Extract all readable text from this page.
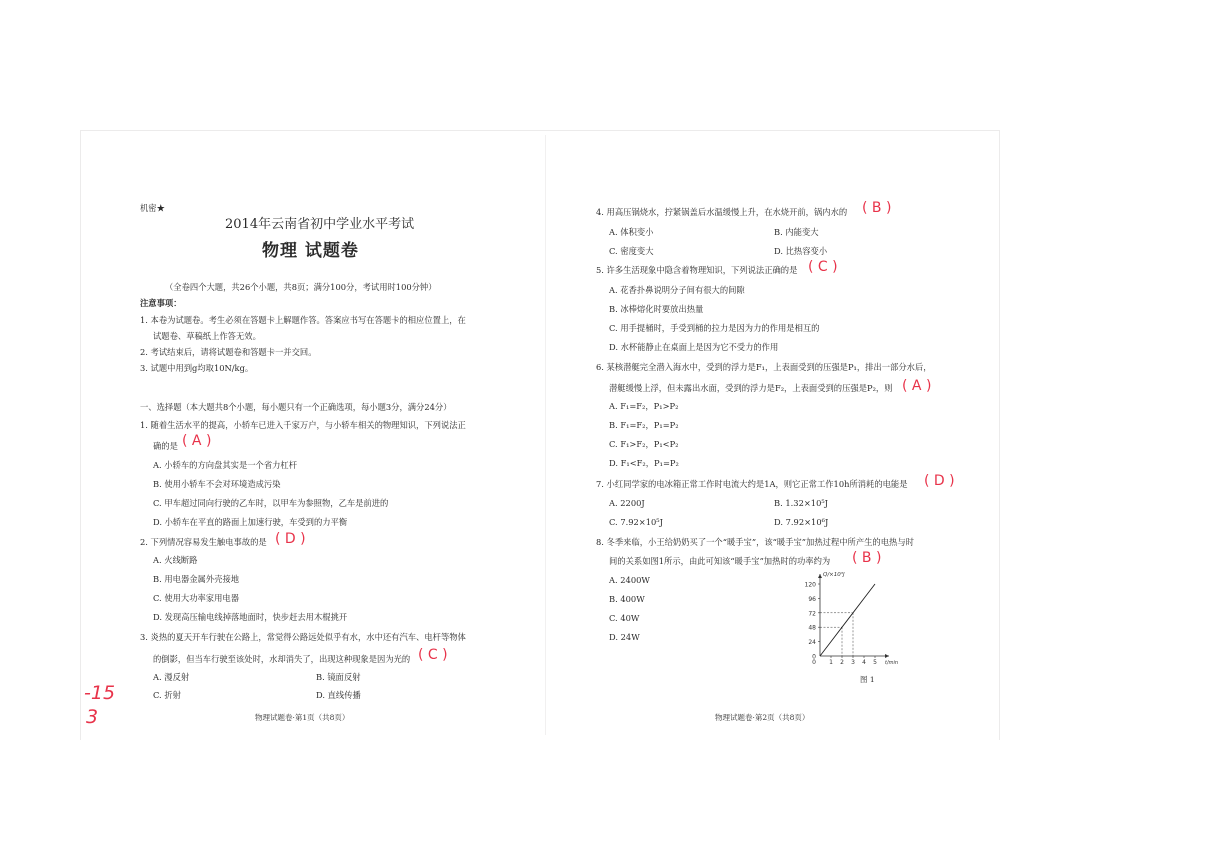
机密★
2014年云南省初中学业水平考试
物理 试题卷
（全卷四个大题，共26个小题，共8页；满分100分，考试用时100分钟）
注意事项：
1. 本卷为试题卷。考生必须在答题卡上解题作答。答案应书写在答题卡的相应位置上，在
试题卷、草稿纸上作答无效。
2. 考试结束后，请将试题卷和答题卡一并交回。
3. 试题中用到g均取10N/kg。
一、选择题（本大题共8个小题，每小题只有一个正确选项，每小题3分，满分24分）
1. 随着生活水平的提高，小轿车已进入千家万户，与小轿车相关的物理知识，下列说法正
确的是 ( A )
A. 小轿车的方向盘其实是一个省力杠杆
B. 使用小轿车不会对环境造成污染
C. 甲车超过同向行驶的乙车时，以甲车为参照物，乙车是前进的
D. 小轿车在平直的路面上加速行驶，车受到的力平衡
2. 下列情况容易发生触电事故的是 ( D )
A. 火线断路
B. 用电器金属外壳接地
C. 使用大功率家用电器
D. 发现高压输电线掉落地面时，快步赶去用木棍挑开
3. 炎热的夏天开车行驶在公路上，常觉得公路远处似乎有水，水中还有汽车、电杆等物体
的倒影，但当车行驶至该处时，水却消失了，出现这种现象是因为光的 ( C )
A. 漫反射	B. 镜面反射
C. 折射	D. 直线传播
-15
3	物理试题卷·第1页（共8页）
4. 用高压锅烧水，拧紧锅盖后水温缓慢上升，在水烧开前，锅内水的 ( B )
A. 体积变小	B. 内能变大
C. 密度变大	D. 比热容变小
5. 许多生活现象中隐含着物理知识，下列说法正确的是 ( C )
A. 花香扑鼻说明分子间有很大的间隙
B. 冰棒熔化时要放出热量
C. 用手提桶时，手受到桶的拉力是因为力的作用是相互的
D. 水杯能静止在桌面上是因为它不受力的作用
6. 某核潜艇完全潜入海水中，受到的浮力是F₁，上表面受到的压强是P₁，排出一部分水后，
潜艇缓慢上浮，但未露出水面，受到的浮力是F₂，上表面受到的压强是P₂，则 ( A )
A. F₁=F₂，P₁>P₂
B. F₁=F₂，P₁=P₂
C. F₁>F₂，P₁<P₂
D. F₁<F₂，P₁=P₂
7. 小红同学家的电冰箱正常工作时电流大约是1A，则它正常工作10h所消耗的电能是 ( D )
A. 2200J	B. 1.32×10⁵J
C. 7.92×10⁵J	D. 7.92×10⁶J
8. 冬季来临，小王给奶奶买了一个“暖手宝”，该“暖手宝”加热过程中所产生的电热与时
间的关系如图1所示，由此可知该“暖手宝”加热时的功率约为 ( B )
A. 2400W
B. 400W
C. 40W
D. 24W
0
24
48
72
96
120
1 2 3 4 5
Q/×10³J
t/min
0
图 1
物理试题卷·第2页（共8页）
